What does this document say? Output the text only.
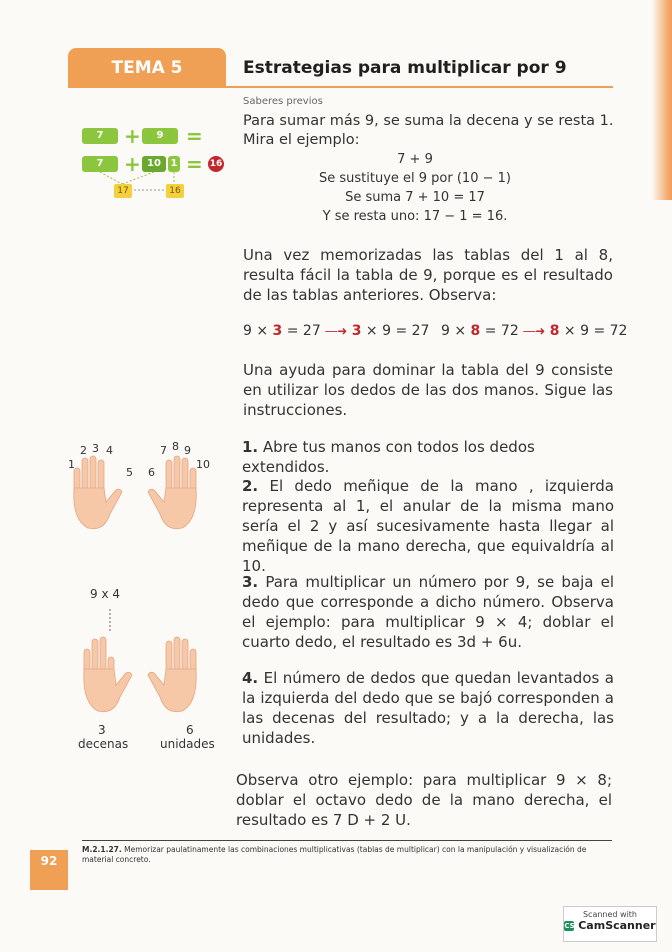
TEMA 5	Estrategias para multiplicar por 9
Saberes previos
Para sumar más 9, se suma la decena y se resta 1.
Mira el ejemplo:
7 + 9
Se sustituye el 9 por (10 − 1)
Se suma 7 + 10 = 17
Y se resta uno: 17 − 1 = 16.
7	+	9	=
7	+ 10 1 = 16
17	16
Una vez memorizadas las tablas del 1 al 8, resulta fácil la tabla de 9, porque es el resultado de las tablas anteriores. Observa:
9 × 3 = 27 ―➜ 3 × 9 = 27 9 × 8 = 72 ―➜ 8 × 9 = 72
Una ayuda para dominar la tabla del 9 consiste en utilizar los dedos de las dos manos. Sigue las instrucciones.
1
2 3 4
5 6
7 8 9
10
9 x 4
3
decenas
6
unidades
1. Abre tus manos con todos los dedos extendidos.
2. El dedo meñique de la mano , izquierda representa al 1, el anular de la misma mano sería el 2 y así sucesivamente hasta llegar al meñique de la mano derecha, que equivaldría al 10.
3. Para multiplicar un número por 9, se baja el dedo que corresponde a dicho número. Observa el ejemplo: para multiplicar 9 × 4; doblar el cuarto dedo, el resultado es 3d + 6u.
4. El número de dedos que quedan levantados a la izquierda del dedo que se bajó corresponden a las decenas del resultado; y a la derecha, las unidades.
Observa otro ejemplo: para multiplicar 9 × 8; doblar el octavo dedo de la mano derecha, el resultado es 7 D + 2 U.
M.2.1.27. Memorizar paulatinamente las combinaciones multiplicativas (tablas de multiplicar) con la manipulación y visualización de material concreto.
92
Scanned with
CS CamScanner
